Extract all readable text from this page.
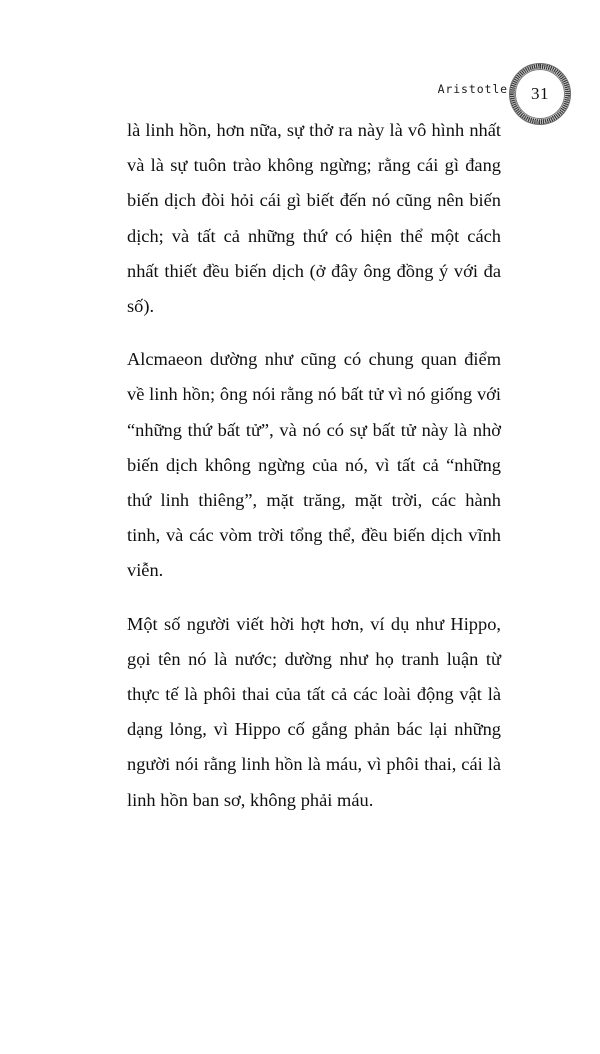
Aristotle	31

là linh hồn, hơn nữa, sự thở ra này là vô hình nhất và là sự tuôn trào không ngừng; rằng cái gì đang biến dịch đòi hỏi cái gì biết đến nó cũng nên biến dịch; và tất cả những thứ có hiện thể một cách nhất thiết đều biến dịch (ở đây ông đồng ý với đa số).

Alcmaeon dường như cũng có chung quan điểm về linh hồn; ông nói rằng nó bất tử vì nó giống với “những thứ bất tử”, và nó có sự bất tử này là nhờ biến dịch không ngừng của nó, vì tất cả “những thứ linh thiêng”, mặt trăng, mặt trời, các hành tinh, và các vòm trời tổng thể, đều biến dịch vĩnh viễn.

Một số người viết hời hợt hơn, ví dụ như Hippo, gọi tên nó là nước; dường như họ tranh luận từ thực tế là phôi thai của tất cả các loài động vật là dạng lỏng, vì Hippo cố gắng phản bác lại những người nói rằng linh hồn là máu, vì phôi thai, cái là linh hồn ban sơ, không phải máu.
